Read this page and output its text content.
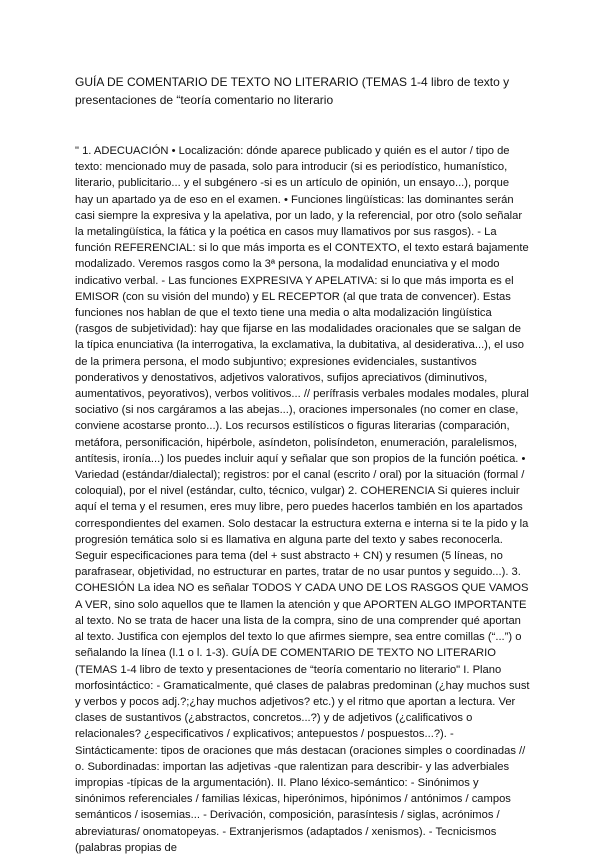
GUÍA DE COMENTARIO DE TEXTO NO LITERARIO (TEMAS 1-4 libro de texto y presentaciones de “teoría comentario no literario

" 1. ADECUACIÓN • Localización: dónde aparece publicado y quién es el autor / tipo de texto: mencionado muy de pasada, solo para introducir (si es periodístico, humanístico, literario, publicitario... y el subgénero -si es un artículo de opinión, un ensayo...), porque hay un apartado ya de eso en el examen. • Funciones lingüísticas: las dominantes serán casi siempre la expresiva y la apelativa, por un lado, y la referencial, por otro (solo señalar la metalingüística, la fática y la poética en casos muy llamativos por sus rasgos). - La función REFERENCIAL: si lo que más importa es el CONTEXTO, el texto estará bajamente modalizado. Veremos rasgos como la 3ª persona, la modalidad enunciativa y el modo indicativo verbal. - Las funciones EXPRESIVA Y APELATIVA: si lo que más importa es el EMISOR (con su visión del mundo) y EL RECEPTOR (al que trata de convencer). Estas funciones nos hablan de que el texto tiene una media o alta modalización lingüística (rasgos de subjetividad): hay que fijarse en las modalidades oracionales que se salgan de la típica enunciativa (la interrogativa, la exclamativa, la dubitativa, al desiderativa...), el uso de la primera persona, el modo subjuntivo; expresiones evidenciales, sustantivos ponderativos y denostativos, adjetivos valorativos, sufijos apreciativos (diminutivos, aumentativos, peyorativos), verbos volitivos... // perífrasis verbales modales modales, plural sociativo (si nos cargáramos a las abejas...), oraciones impersonales (no comer en clase, conviene acostarse pronto...). Los recursos estilísticos o figuras literarias (comparación, metáfora, personificación, hipérbole, asíndeton, polisíndeton, enumeración, paralelismos, antítesis, ironía...) los puedes incluir aquí y señalar que son propios de la función poética. • Variedad (estándar/dialectal); registros: por el canal (escrito / oral) por la situación (formal / coloquial), por el nivel (estándar, culto, técnico, vulgar) 2. COHERENCIA Si quieres incluir aquí el tema y el resumen, eres muy libre, pero puedes hacerlos también en los apartados correspondientes del examen. Solo destacar la estructura externa e interna si te la pido y la progresión temática solo si es llamativa en alguna parte del texto y sabes reconocerla. Seguir especificaciones para tema (del + sust abstracto + CN) y resumen (5 líneas, no parafrasear, objetividad, no estructurar en partes, tratar de no usar puntos y seguido...). 3. COHESIÓN La idea NO es señalar TODOS Y CADA UNO DE LOS RASGOS QUE VAMOS A VER, sino solo aquellos que te llamen la atención y que APORTEN ALGO IMPORTANTE al texto. No se trata de hacer una lista de la compra, sino de una comprender qué aportan al texto. Justifica con ejemplos del texto lo que afirmes siempre, sea entre comillas (“...”) o señalando la línea (l.1 o l. 1-3). GUÍA DE COMENTARIO DE TEXTO NO LITERARIO (TEMAS 1-4 libro de texto y presentaciones de “teoría comentario no literario" I. Plano morfosintáctico: - Gramaticalmente, qué clases de palabras predominan (¿hay muchos sust y verbos y pocos adj.?;¿hay muchos adjetivos? etc.) y el ritmo que aportan a lectura. Ver clases de sustantivos (¿abstractos, concretos...?) y de adjetivos (¿calificativos o relacionales? ¿especificativos / explicativos; antepuestos / pospuestos...?). - Sintácticamente: tipos de oraciones que más destacan (oraciones simples o coordinadas // o. Subordinadas: importan las adjetivas -que ralentizan para describir- y las adverbiales impropias -típicas de la argumentación). II. Plano léxico-semántico: - Sinónimos y sinónimos referenciales / familias léxicas, hiperónimos, hipónimos / antónimos / campos semánticos / isosemias... - Derivación, composición, parasíntesis / siglas, acrónimos / abreviaturas/ onomatopeyas. - Extranjerismos (adaptados / xenismos). - Tecnicismos (palabras propias de
